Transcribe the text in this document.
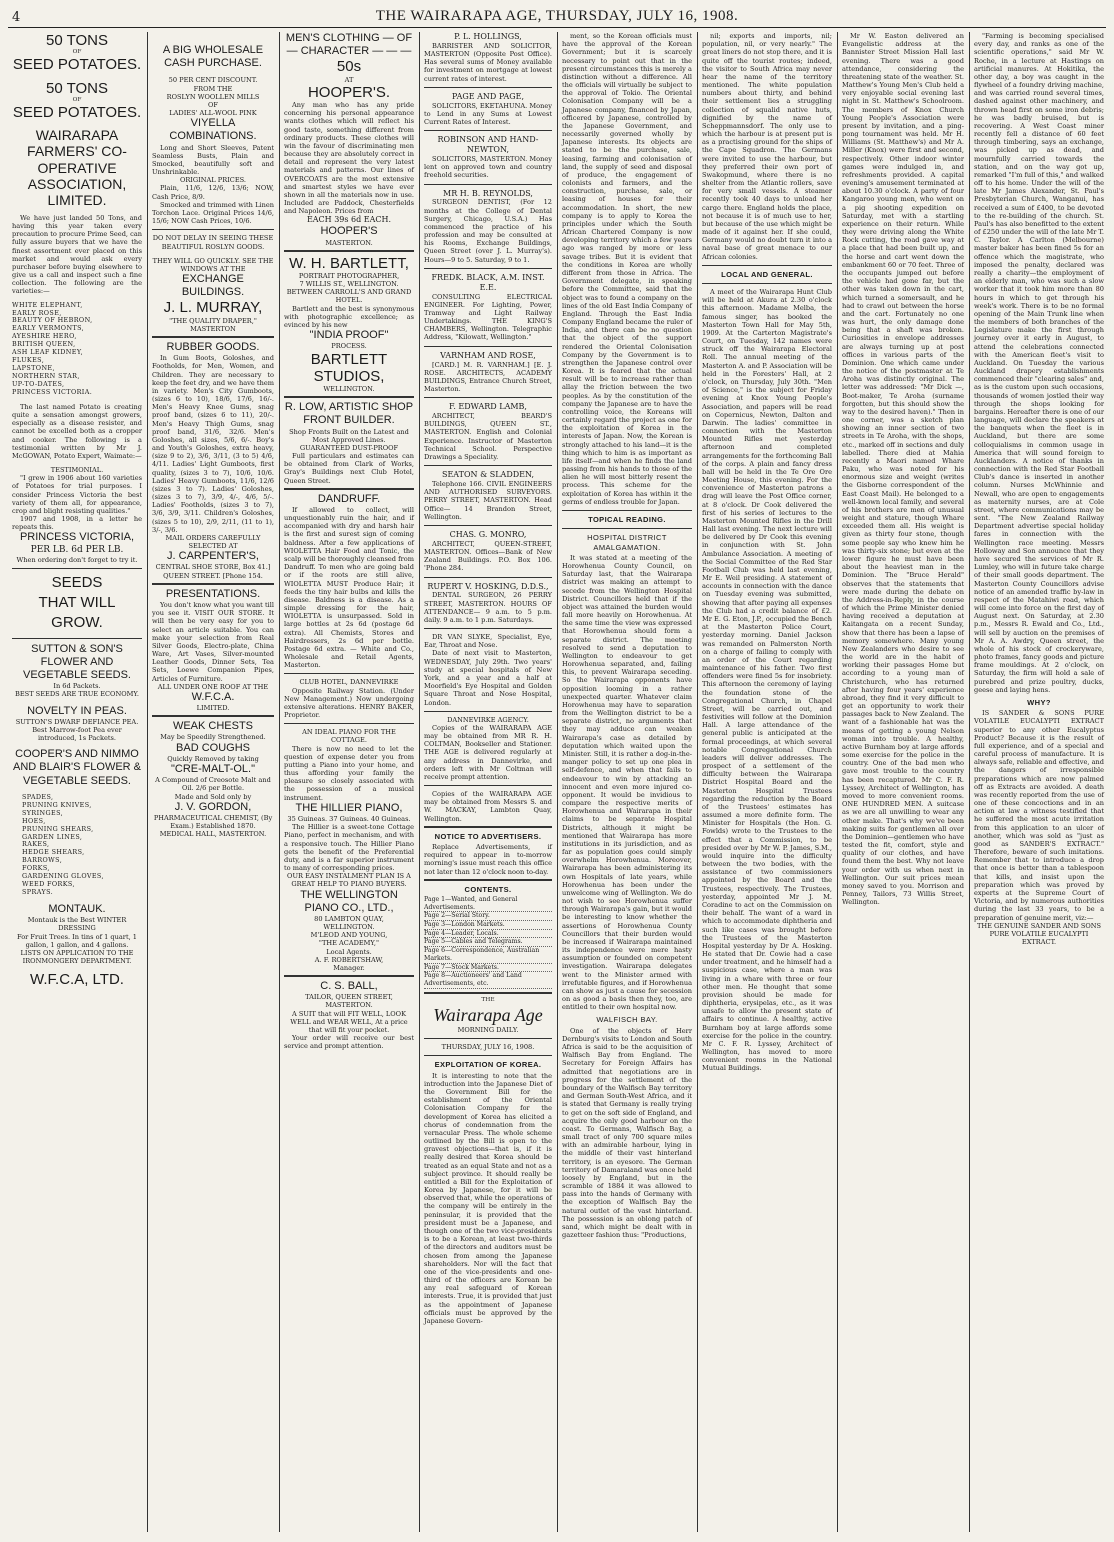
4	THE WAIRARAPA AGE, THURSDAY, JULY 16, 1908.
50 TONS
OF
SEED POTATOES.
50 TONS
OF
SEED POTATOES.
WAIRARAPA FARMERS' CO-OPERATIVE ASSOCIATION, LIMITED.
We have just landed 50 Tons, and having this year taken every precaution to procure Prime Seed, can fully assure buyers that we have the finest assortment ever placed on this market and would ask every purchaser before buying elsewhere to give us a call and inspect such a fine collection. The following are the varieties:—
WHITE ELEPHANT,
EARLY ROSE,
BEAUTY OF HEBRON,
EARLY VERMONTS,
AYESHIRE HERO,
BRITISH QUEEN,
ASH LEAF KIDNEY,
FLUKES,
LAPSTONE,
NORTHERN STAR,
UP-TO-DATES,
PRINCESS VICTORIA.
The last named Potato is creating quite a sensation amongst growers, especially as a disease resister, and cannot be excelled both as a cropper and cooker. The following is a testimonial written by Mr J. McGOWAN, Potato Expert, Waimate:—
TESTIMONIAL.
"I grew in 1906 about 160 varieties of Potatoes for trial purposes. I consider Princess Victoria the best variety of them all, for appearance, crop and blight resisting qualities."
1907 and 1908, in a letter he repeats this.
PRINCESS VICTORIA,
PER LB. 6d PER LB.
When ordering don't forget to try it.
SEEDS THAT WILL GROW.
SUTTON & SON'S FLOWER AND VEGETABLE SEEDS.
In 6d Packets.
BEST SEEDS ARE TRUE ECONOMY.
NOVELTY IN PEAS.
SUTTON'S DWARF DEFIANCE PEA.
Best Marrow-foot Pea ever introduced, 1s Packets.
COOPER'S AND NIMMO AND BLAIR'S FLOWER & VEGETABLE SEEDS.
SPADES,
PRUNING KNIVES,
SYRINGES,
HOES,
PRUNING SHEARS,
GARDEN LINES,
RAKES,
HEDGE SHEARS,
BARROWS,
FORKS,
GARDENING GLOVES,
WEED FORKS,
SPRAYS.
MONTAUK.
Montauk is the Best WINTER DRESSING
For Fruit Trees. In tins of 1 quart, 1 gallon, 1 gallon, and 4 gallons.
LISTS ON APPLICATION TO THE IRONMONGERY DEPARTMENT.
W.F.C.A, LTD.
A BIG WHOLESALE CASH PURCHASE.
50 PER CENT DISCOUNT.
FROM THE
ROSLYN WOOLLEN MILLS
OF
LADIES' ALL-WOOL PINK
VIYELLA COMBINATIONS.
Long and Short Sleeves, Patent Seamless Busts, Plain and Smocked, beautifully soft and Unshrinkable.
ORIGINAL PRICES.
Plain, 11/6, 12/6, 13/6; NOW, Cash Price, 8/9.
Smocked and trimmed with Linen Torchon Lace. Original Prices 14/6, 15/6; NOW Cash Prices, 10/6.
DO NOT DELAY IN SEEING THESE BEAUTIFUL ROSLYN GOODS.
THEY WILL GO QUICKLY. SEE THE WINDOWS AT THE
EXCHANGE BUILDINGS.
J. L. MURRAY,
"THE QUALITY DRAPER,"
MASTERTON
RUBBER GOODS.
In Gum Boots, Goloshes, and Footholds, for Men, Women, and Children. They are necessary to keep the feet dry, and we have them in variety. Men's City Gumboots, (sizes 6 to 10), 18/6, 17/6, 16/-. Men's Heavy Knee Gums, snag proof band, (sizes 6 to 11), 20/-. Men's Heavy Thigh Gums, snag proof band, 31/6, 32/6. Men's Goloshes, all sizes, 5/6, 6/-. Boy's and Youth's Goloshes, extra heavy, (size 9 to 2), 3/6, 3/11, (3 to 5) 4/6, 4/11. Ladies' Light Gumboots, first quality, (sizes 3 to 7), 10/6, 10/6. Ladies' Heavy Gumboots, 11/6, 12/6 (sizes 3 to 7). Ladies' Goloshes, (sizes 3 to 7), 3/9, 4/-, 4/6, 5/-. Ladies' Footholds, (sizes 3 to 7), 3/6, 3/9, 3/11. Children's Goloshes, (sizes 5 to 10), 2/9, 2/11, (11 to 1), 3/-, 3/6.
MAIL ORDERS CAREFULLY SELECTED AT
J. CARPENTER'S,
CENTRAL SHOE STORE, Box 41.] QUEEN STREET. [Phone 154.
PRESENTATIONS.
You don't know what you want till you see it. VISIT OUR STORE. It will then be very easy for you to select an article suitable. You can make your selection from Real Silver Goods, Electro-plate, China Ware, Art Vases, Silver-mounted Leather Goods, Dinner Sets, Tea Sets, Loewe Companion Pipes, Articles of Furniture.
ALL UNDER ONE ROOF AT THE
W.F.C.A.
LIMITED.
WEAK CHESTS
May be Speedily Strengthened.
BAD COUGHS
Quickly Removed by taking
"CRE-MALT-OL."
A Compound of Creosote Malt and Oil. 2/6 per Bottle.
Made and Sold only by
J. V. GORDON,
PHARMACEUTICAL CHEMIST, (By Exam.) Established 1870.
MEDICAL HALL, MASTERTON.
MEN'S CLOTHING — OF — CHARACTER — — —
50s
AT
HOOPER'S.
Any man who has any pride concerning his personal appearance wants clothes which will reflect his good taste, something different from ordinary products. These clothes will win the favour of discriminating men because they are absolutely correct in detail and represent the very latest materials and patterns. Our lines of OVERCOATS are the most extensive and smartest styles we have ever shown in all the materials now in use. Included are Paddock, Chesterfields and Napoleon. Prices from
EACH 39s 6d EACH.
HOOPER'S
MASTERTON.
W. H. BARTLETT,
PORTRAIT PHOTOGRAPHER,
7 WILLIS ST., WELLINGTON. BETWEEN CARROLL'S AND GRAND HOTEL.
Bartlett and the best is synonymous with photographic excellence; as evinced by his new
"INDIA PROOF"
PROCESS.
BARTLETT STUDIOS,
WELLINGTON.
R. LOW, ARTISTIC SHOP FRONT BUILDER.
Shop Fronts Built on the Latest and Most Approved Lines.
GUARANTEED DUST-PROOF
Full particulars and estimates can be obtained from Clark of Works, Gray's Buildings next Club Hotel, Queen Street.
DANDRUFF.
If allowed to collect, will unquestionably ruin the hair, and if accompanied with dry and harsh hair is the first and surest sign of coming baldness. After a few applications of WIOLETTA Hair Food and Tonic, the scalp will be thoroughly cleansed from Dandruff. To men who are going bald or if the roots are still alive, WIOLETTA MUST Produce Hair; it feeds the tiny hair bulbs and kills the disease. Baldness is a disease. As a simple dressing for the hair, WIOLETTA is unsurpassed. Sold in large bottles at 2s 6d (postage 6d extra). All Chemists, Stores and Hairdressers, 2s 6d per bottle. Postage 6d extra. — White and Co., Wholesale and Retail Agents, Masterton.
CLUB HOTEL, DANNEVIRKE
Opposite Railway Station. (Under New Management.) Now undergoing extensive alterations. HENRY BAKER, Proprietor.
AN IDEAL PIANO FOR THE COTTAGE.
There is now no need to let the question of expense deter you from putting a Piano into your home, and thus affording your family the pleasure so closely associated with the possession of a musical instrument.
THE HILLIER PIANO,
35 Guineas. 37 Guineas. 40 Guineas.
The Hillier is a sweet-tone Cottage Piano, perfect in mechanism, and with a responsive touch. The Hillier Piano gets the benefit of the Preferential duty, and is a far superior instrument to many of corresponding prices.
OUR EASY INSTALMENT PLAN IS A GREAT HELP TO PIANO BUYERS.
THE WELLINGTON PIANO CO., LTD.,
80 LAMBTON QUAY,
WELLINGTON.
M'LEOD AND YOUNG,
"THE ACADEMY,"
Local Agents.
A. F. ROBERTSHAW,
Manager.
C. S. BALL,
TAILOR, QUEEN STREET, MASTERTON.
A SUIT that will FIT WELL, LOOK WELL and WEAR WELL, At a price that will fit your pocket.
Your order will receive our best service and prompt attention.
P. L. HOLLINGS,
BARRISTER AND SOLICITOR, MASTERTON (Opposite Post Office). Has several sums of Money available for investment on mortgage at lowest current rates of interest.
PAGE AND PAGE,
SOLICITORS, EKETAHUNA. Money to Lend in any Sums at Lowest Current Rates of Interest.
ROBINSON AND HAND-NEWTON,
SOLICITORS, MASTERTON. Money lent on approved town and country freehold securities.
MR H. B. REYNOLDS,
SURGEON DENTIST, (For 12 months at the College of Dental Surgery, Chicago, U.S.A.) Has commenced the practice of his profession and may be consulted at his Rooms, Exchange Buildings, Queen Street (over J. L. Murray's). Hours—9 to 5. Saturday, 9 to 1.
FREDK. BLACK, A.M. INST. E.E.
CONSULTING ELECTRICAL ENGINEER. For Lighting, Power, Tramway and Light Railway Undertakings. THE KING'S CHAMBERS, Wellington. Telegraphic Address, "Kilowatt, Wellington."
VARNHAM AND ROSE,
[CARD.] M. R. VARNHAM.] [E. J. ROSE. ARCHITECTS, ACADEMY BUILDINGS, Entrance Church Street, Masterton.
F. EDWARD LAMB,
ARCHITECT, BEARD'S BUILDINGS, QUEEN ST., MASTERTON. English and Colonial Experience. Instructor of Masterton Technical School. Perspective Drawings a Speciality.
SEATON & SLADDEN,
Telephone 166. CIVIL ENGINEERS AND AUTHORISED SURVEYORS. PERRY STREET, MASTERTON. Head Office— 14 Brandon Street, Wellington.
CHAS. G. MONRO,
ARCHITECT, QUEEN-STREET, MASTERTON. Offices—Bank of New Zealand Buildings. P.O. Box 106. 'Phone 284.
RUPERT V. HOSKING, D.D.S.,
DENTAL SURGEON, 26 PERRY STREET, MASTERTON. HOURS OF ATTENDANCE— 9 a.m. to 5 p.m. daily. 9 a.m. to 1 p.m. Saturdays.
DR VAN SLYKE, Specialist, Eye, Ear, Throat and Nose.
Date of next visit to Masterton, WEDNESDAY, July 29th. Two years' study at special hospitals of New York, and a year and a half at Moorfield's Eye Hospital and Golden Square Throat and Nose Hospital, London.
DANNEVIRKE AGENCY.
Copies of the WAIRARAPA AGE may be obtained from MR R. H. COLTMAN, Bookseller and Stationer. THE AGE is delivered regularly at any address in Dannevirke, and orders left with Mr Coltman will receive prompt attention.
Copies of the WAIRARAPA AGE may be obtained from Messrs S. and W. MACKAY, Lambton Quay, Wellington.
NOTICE TO ADVERTISERS.
Replace Advertisements, if required to appear in to-morrow morning's issue must reach this office not later than 12 o'clock noon to-day.
CONTENTS.
Page 1—Wanted, and General Advertisements.
Page 2—Serial Story.
Page 3—London Markets.
Page 4—Leader, Locals.
Page 5—Cables and Telegrams.
Page 6—Correspondence, Australian Markets.
Page 7—Stock Markets.
Page 8—Auctioneers' and Land Advertisements, etc.
THE
Wairarapa Age
MORNING DAILY.
THURSDAY, JULY 16, 1908.
EXPLOITATION OF KOREA.
It is interesting to note that the introduction into the Japanese Diet of the Government Bill for the establishment of the Oriental Colonisation Company for the development of Korea has elicited a chorus of condemnation from the vernacular Press. The whole scheme outlined by the Bill is open to the gravest objections—that is, if it is really desired that Korea should be treated as an equal State and not as a subject province. It should really be entitled a Bill for the Exploitation of Korea by Japanese, for it will be observed that, while the operations of the company will be entirely in the peninsular, it is provided that the president must be a Japanese, and though one of the two vice-presidents is to be a Korean, at least two-thirds of the directors and auditors must be chosen from among the Japanese shareholders. Nor will the fact that one of the vice-presidents and one-third of the officers are Korean be any real safeguard of Korean interests. True, it is provided that just as the appointment of Japanese officials must be approved by the Japanese Govern-
ment, so the Korean officials must have the approval of the Korean Government; but it is scarcely necessary to point out that in the present circumstances this is merely a distinction without a difference. All the officials will virtually be subject to the approval of Tokio. The Oriental Colonisation Company will be a Japanese company, financed by Japan, officered by Japanese, controlled by the Japanese Government, and necessarily governed wholly by Japanese interests. Its objects are stated to be the purchase, sale, leasing, farming and colonisation of land, the supply of seed and disposal of produce, the engagement of colonists and farmers, and the construction, purchase, sale, or leasing of houses for their accommodation. In short, the new company is to apply to Korea the principles under which the South African Chartered Company is now developing territory which a few years ago was ranged by more or less savage tribes. But it is evident that the conditions in Korea are wholly different from those in Africa. The Government delegate, in speaking before the Committee, said that the object was to found a company on the lines of the old East India Company of England. Through the East India Company England became the ruler of India, and there can be no question that the object of the support rendered the Oriental Colonisation Company by the Government is to strengthen the Japanese control over Korea. It is feared that the actual result will be to increase rather than allay the friction between the two peoples. As by the constitution of the company the Japanese are to have the controlling voice, the Koreans will certainly regard the project as one for the exploitation of Korea in the interests of Japan. Now, the Korean is strongly attached to his land—it is the thing which to him is as important as life itself—and when he finds the land passing from his hands to those of the alien he will most bitterly resent the process. This scheme for the exploitation of Korea has within it the germs of endless trouble for Japan.
TOPICAL READING.
HOSPITAL DISTRICT AMALGAMATION.
It was stated at a meeting of the Horowhenua County Council, on Saturday last, that the Wairarapa district was making an attempt to secede from the Wellington Hospital District. Councillors held that if the object was attained the burden would fall more heavily on Horowhenua. At the same time the view was expressed that Horowhenua should form a separate district. The meeting resolved to send a deputation to Wellington to endeavour to get Horowhenua separated, and, failing this, to prevent Wairarapa seceding. So the Wairarapa opponents have opposition looming in a rather unexpected quarter. Whatever claim Horowhenua may have to separation from the Wellington district to be a separate district, no arguments that they may adduce can weaken Wairarapa's case as detailed by deputation which waited upon the Minister. Still, it is rather a dog-in-the-manger policy to set up one plea in self-defence, and when that fails to endeavour to win by attacking an innocent and even more injured co-opponent. It would be invidious to compare the respective merits of Horowhenua and Wairarapa in their claims to be separate Hospital Districts, although it might be mentioned that Wairarapa has more institutions in its jurisdiction, and as far as population goes could simply overwhelm Horowhenua. Moreover, Wairarapa has been administering its own Hospitals of late years, while Horowhenua has been under the unwelcome wing of Wellington. We do not wish to see Horowhenua suffer through Wairarapa's gain, but it would be interesting to know whether the assertions of Horowhenua County Councillors that their burden would be increased if Wairarapa maintained its independence were mere hasty assumption or founded on competent investigation. Wairarapa delegates went to the Minister armed with irrefutable figures, and if Horowhenua can show as just a cause for secession on as good a basis then they, too, are entitled to their own hospital now.
WALFISCH BAY.
One of the objects of Herr Dernburg's visits to London and South Africa is said to be the acquisition of Walfisch Bay from England. The Secretary for Foreign Affairs has admitted that negotiations are in progress for the settlement of the boundary of the Walfisch Bay territory and German South-West Africa, and it is stated that Germany is really trying to get on the soft side of England, and acquire the only good harbour on the coast. To Germans, Walfisch Bay, a small tract of only 700 square miles with an admirable harbour, lying in the middle of their vast hinterland territory, is an eyesore. The German territory of Damaraland was once held loosely by England, but in the scramble of 1884 it was allowed to pass into the hands of Germany with the exception of Walfisch Bay the natural outlet of the vast hinterland. The possession is an oblong patch of sand, which might be dealt with in gazetteer fashion thus: "Productions,
nil; exports and imports, nil; population, nil, or very nearly." The great liners do not stop there, and it is quite off the tourist routes; indeed, the visitor to South Africa may never hear the name of the territory mentioned. The white population numbers about thirty, and behind their settlement lies a struggling collection of squalid native huts, dignified by the name of Scheppmannsdorf. The only use to which the harbour is at present put is as a practising ground for the ships of the Cape Squadron. The Germans were invited to use the harbour, but they preferred their own port of Swakopmund, where there is no shelter from the Atlantic rollers, save for very small vessels. A steamer recently took 40 days to unload her cargo there. England holds the place, not because it is of much use to her, but because of the use which might be made of it against her. If she could, Germany would no doubt turn it into a naval base of great menace to our African colonies.
LOCAL AND GENERAL.
A meet of the Wairarapa Hunt Club will be held at Akura at 2.30 o'clock this afternoon. Madame Melba, the famous singer, has booked the Masterton Town Hall for May 5th, 1909. At the Carterton Magistrate's Court, on Tuesday, 142 names were struck off the Wairarapa Electoral Roll. The annual meeting of the Masterton A. and P. Association will be held in the Foresters' Hall, at 2 o'clock, on Thursday, July 30th. "Men of Science," is the subject for Friday evening at Knox Young People's Association, and papers will be read on Copernicus, Newton, Dalton and Darwin. The ladies' committee in connection with the Masterton Mounted Rifles met yesterday afternoon and completed arrangements for the forthcoming Ball of the corps. A plain and fancy dress ball will be held in the Te Ore Ore Meeting House, this evening. For the convenience of Masterton patrons a drag will leave the Post Office corner, at 8 o'clock. Dr Cook delivered the first of his series of lectures to the Masterton Mounted Rifles in the Drill Hall last evening. The next lecture will be delivered by Dr Cook this evening in conjunction with St. John Ambulance Association. A meeting of the Social Committee of the Red Star Football Club was held last evening, Mr E. Weil presiding. A statement of accounts in connection with the dance on Tuesday evening was submitted, showing that after paying all expenses the Club had a credit balance of £2. Mr E. G. Eton, J.P., occupied the Bench at the Masterton Police Court, yesterday morning. Daniel Jackson was remanded on Palmerston North on a charge of failing to comply with an order of the Court regarding maintenance of his father. Two first offenders were fined 5s for insobriety. This afternoon the ceremony of laying the foundation stone of the Congregational Church, in Chapel Street, will be carried out, and festivities will follow at the Dominion Hall. A large attendance of the general public is anticipated at the formal proceedings, at which several notable Congregational Church leaders will deliver addresses. The prospect of a settlement of the difficulty between the Wairarapa District Hospital Board and the Masterton Hospital Trustees regarding the reduction by the Board of the Trustees' estimates has assumed a more definite form. The Minister for Hospitals (the Hon. G. Fowlds) wrote to the Trustees to the effect that a Commission, to be presided over by Mr W. P. James, S.M., would inquire into the difficulty between the two bodies, with the assistance of two commissioners appointed by the Board and the Trustees, respectively. The Trustees, yesterday, appointed Mr J. M. Coradine to act on the Commission on their behalf. The want of a ward in which to accommodate diphtheria and such like cases was brought before the Trustees of the Masterton Hospital yesterday by Dr A. Hosking. He stated that Dr. Cowie had a case under treatment, and he himself had a suspicious case, where a man was living in a whare with three or four other men. He thought that some provision should be made for diphtheria, erysipelas, etc., as it was unsafe to allow the present state of affairs to continue. A healthy, active Burnham boy at large affords some exercise for the police in the country. Mr C. F. R. Lyssey, Architect of Wellington, has moved to more convenient rooms in the National Mutual Buildings.
Mr W. Easton delivered an Evangelistic address at the Bannister Street Mission Hall last evening. There was a good attendance, considering the threatening state of the weather. St. Matthew's Young Men's Club held a very enjoyable social evening last night in St. Matthew's Schoolroom. The members of Knox Church Young People's Association were present by invitation, and a ping-pong tournament was held. Mr H. Williams (St. Matthew's) and Mr A. Miller (Knox) were first and second, respectively. Other indoor winter games were indulged in, and refreshments provided. A capital evening's amusement terminated at about 10.30 o'clock. A party of four Kangaroo young men, who went on a pig shooting expedition on Saturday, met with a startling experience on their return. While they were driving along the White Rock cutting, the road gave way at a place that had been built up, and the horse and cart went down the embankment 60 or 70 feet. Three of the occupants jumped out before the vehicle had gone far, but the other was taken down in the cart, which turned a somersault, and he had to crawl out between the horse and the cart. Fortunately no one was hurt, the only damage done being that a shaft was broken. Curiosities in envelope addresses are always turning up at post offices in various parts of the Dominion. One which came under the notice of the postmaster at Te Aroha was distinctly original. The letter was addressed: "Mr Dick —, Boot-maker, Te Aroha (surname forgotten, but this should show the way to the desired haven)." Then in one corner, was a sketch plan showing an inner section of two streets in Te Aroha, with the shops, etc., marked off in sections and duly labelled. There died at Mahia recently a Maori named Whare Paku, who was noted for his enormous size and weight (writes the Gisborne correspondent of the East Coast Mail). He belonged to a well-known local family, and several of his brothers are men of unusual weight and stature, though Whare exceeded them all. His weight is given as thirty four stone, though some people say who knew him he was thirty-six stone; but even at the lower figure he must have been about the heaviest man in the Dominion. The "Bruce Herald" observes that the statements that were made during the debate on the Address-in-Reply, in the course of which the Prime Minister denied having received a deputation at Kaitangata on a recent Sunday, show that there has been a lapse of memory somewhere. Many young New Zealanders who desire to see the world are in the habit of working their passages Home but according to a young man of Christchurch, who has returned after having four years' experience abroad, they find it very difficult to get an opportunity to work their passages back to New Zealand. The want of a fashionable hat was the means of getting a young Nelson woman into trouble. A healthy, active Burnham boy at large affords some exercise for the police in the country. One of the bad men who gave most trouble to the country has been recaptured. Mr C. F. R. Lyssey, Architect of Wellington, has moved to more convenient rooms. ONE HUNDRED MEN. A suitcase as we are all unwilling to wear any other make. That's why we've been making suits for gentlemen all over the Dominion—gentlemen who have tested the fit, comfort, style and quality of our clothes, and have found them the best. Why not leave your order with us when next in Wellington. Our suit prices mean money saved to you. Morrison and Penney, Tailors, 73 Willis Street, Wellington.
"Farming is becoming specialised every day, and ranks as one of the scientific operations," said Mr W. Roche, in a lecture at Hastings on artificial manures. At Hokitika, the other day, a boy was caught in the flywheel of a foundry driving machine, and was carried round several times, dashed against other machinery, and thrown head first on some iron debris; he was badly bruised, but is recovering. A West Coast miner recently fell a distance of 60 feet through timbering, says an exchange, was picked up as dead, and mournfully carried towards the station, and on the way got up, remarked "I'm full of this," and walked off to his home. Under the will of the late Mr James Alexander, St. Paul's Presbyterian Church, Wanganui, has received a sum of £400, to be devoted to the re-building of the church. St. Paul's has also benefitted to the extent of £250 under the will of the late Mr T. C. Taylor. A Carlton (Melbourne) master baker has been fined 5s for an offence which the magistrate, who imposed the penalty, declared was really a charity—the employment of an elderly man, who was such a slow worker that it took him more than 80 hours in which to get through his week's work. There is to be no formal opening of the Main Trunk line when the members of both branches of the Legislature make the first through journey over it early in August, to attend the celebrations connected with the American fleet's visit to Auckland. On Tuesday the various Auckland drapery establishments commenced their "clearing sales" and, as is the custom upon such occasions, thousands of women jostled their way through the shops looking for bargains. Hereafter there is one of our language, will declare the speakers at the banquets when the fleet is in Auckland, but there are some colloquialisms in common usage in America that will sound foreign to Aucklanders. A notice of thanks in connection with the Red Star Football Club's dance is inserted in another column. Nurses McWhinnie and Newall, who are open to engagements as maternity nurses, are at Cole street, where communications may be sent. "The New Zealand Railway Department advertise special holiday fares in connection with the Wellington race meeting. Messrs Holloway and Son announce that they have secured the services of Mr R. Lumley, who will in future take charge of their small goods department. The Masterton County Councillors advise notice of an amended traffic by-law in respect of the Matahiwi road, which will come into force on the first day of August next. On Saturday, at 2.30 p.m., Messrs R. Ewald and Co., Ltd., will sell by auction on the premises of Mr A. A. Awdry, Queen street, the whole of his stock of crockeryware, photo frames, fancy goods and picture frame mouldings. At 2 o'clock, on Saturday, the firm will hold a sale of purebred and prize poultry, ducks, geese and laying hens.
WHY?
IS SANDER & SONS PURE VOLATILE EUCALYPTI EXTRACT superior to any other Eucalyptus Product? Because it is the result of full experience, and of a special and careful process of manufacture. It is always safe, reliable and effective, and the dangers of irresponsible preparations which are now palmed off as Extracts are avoided. A death was recently reported from the use of one of these concoctions and in an action at law a witness testified that he suffered the most acute irritation from this application to an ulcer of another, which was sold as "just as good as SANDER'S EXTRACT." Therefore, beware of such imitations. Remember that to introduce a drop that once is better than a tablespoon that kills, and insist upon the preparation which was proved by experts at the Supreme Court of Victoria, and by numerous authorities during the last 33 years, to be a preparation of genuine merit, viz:—
THE GENUINE SANDER AND SONS PURE VOLATILE EUCALYPTI EXTRACT.
